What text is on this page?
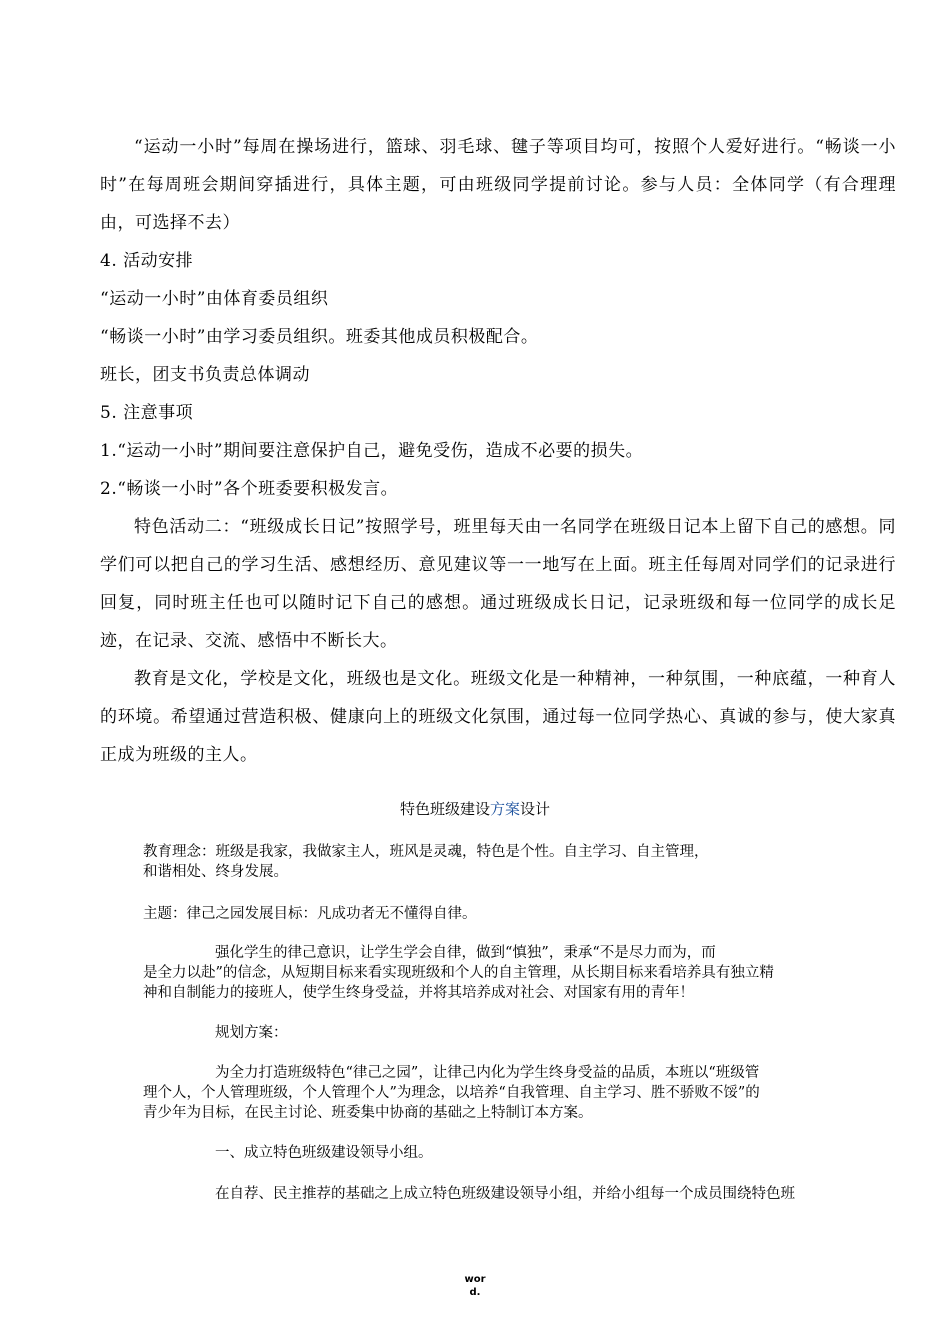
“运动一小时”每周在操场进行，篮球、羽毛球、毽子等项目均可，按照个人爱好进行。“畅谈一小时”在每周班会期间穿插进行，具体主题，可由班级同学提前讨论。参与人员：全体同学（有合理理由，可选择不去）

4. 活动安排

“运动一小时”由体育委员组织

“畅谈一小时”由学习委员组织。班委其他成员积极配合。

班长，团支书负责总体调动

5. 注意事项

1.“运动一小时”期间要注意保护自己，避免受伤，造成不必要的损失。

2.“畅谈一小时”各个班委要积极发言。

特色活动二：“班级成长日记”按照学号，班里每天由一名同学在班级日记本上留下自己的感想。同学们可以把自己的学习生活、感想经历、意见建议等一一地写在上面。班主任每周对同学们的记录进行回复，同时班主任也可以随时记下自己的感想。通过班级成长日记，记录班级和每一位同学的成长足迹，在记录、交流、感悟中不断长大。

教育是文化，学校是文化，班级也是文化。班级文化是一种精神，一种氛围，一种底蕴，一种育人的环境。希望通过营造积极、健康向上的班级文化氛围，通过每一位同学热心、真诚的参与，使大家真正成为班级的主人。

特色班级建设方案设计

教育理念：班级是我家，我做家主人，班风是灵魂，特色是个性。自主学习、自主管理，

和谐相处、终身发展。

主题：律己之园发展目标：凡成功者无不懂得自律。

强化学生的律己意识，让学生学会自律，做到“慎独”，秉承“不是尽力而为，而

是全力以赴”的信念，从短期目标来看实现班级和个人的自主管理，从长期目标来看培养具有独立精

神和自制能力的接班人，使学生终身受益，并将其培养成对社会、对国家有用的青年！

规划方案：

为全力打造班级特色“律己之园”，让律己内化为学生终身受益的品质，本班以“班级管

理个人，个人管理班级，个人管理个人”为理念，以培养“自我管理、自主学习、胜不骄败不馁”的

青少年为目标，在民主讨论、班委集中协商的基础之上特制订本方案。

一、成立特色班级建设领导小组。

在自荐、民主推荐的基础之上成立特色班级建设领导小组，并给小组每一个成员围绕特色班

wor
d.
